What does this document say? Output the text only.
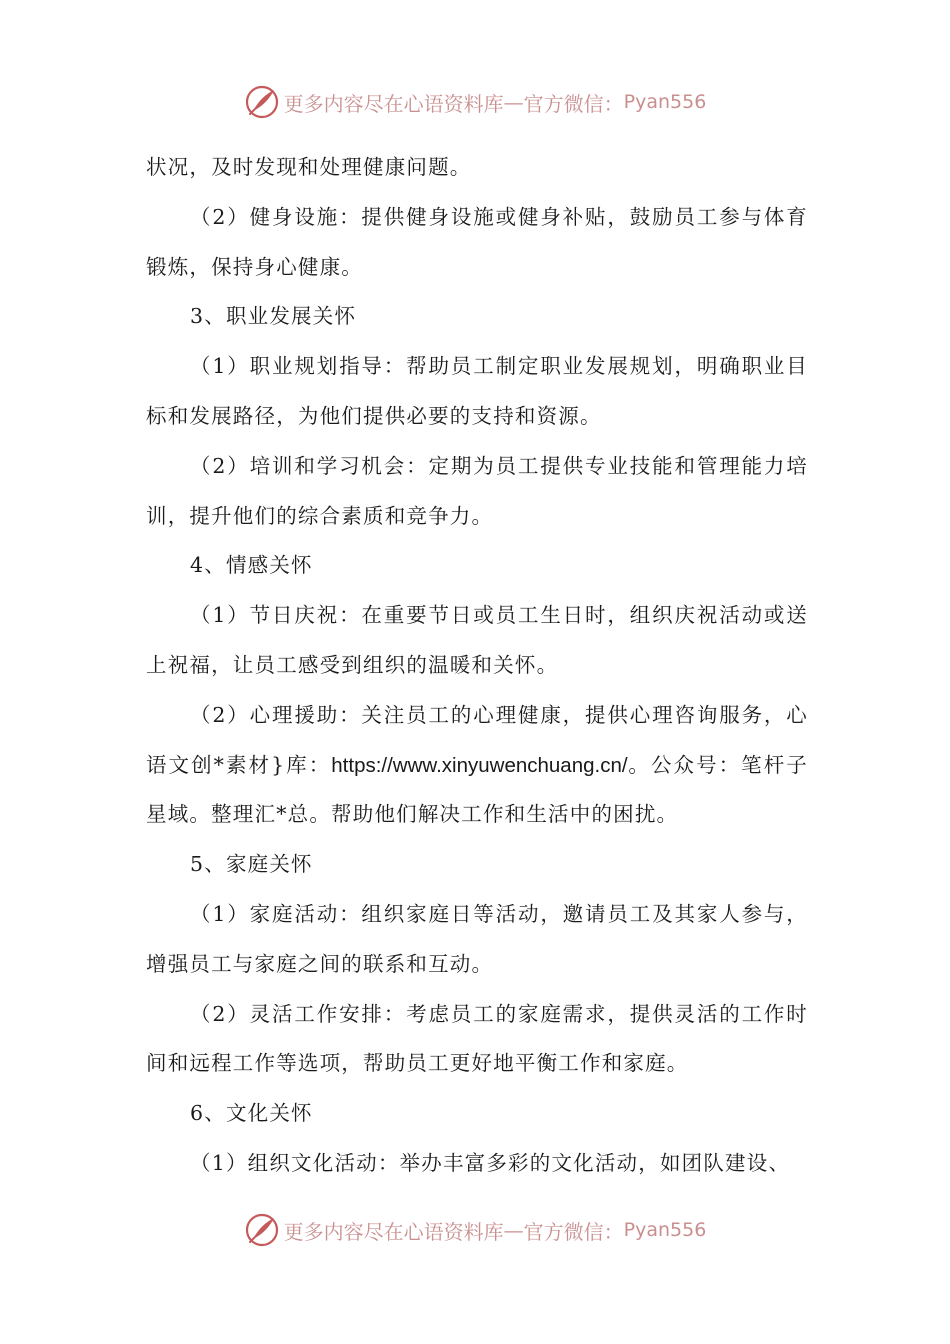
更多内容尽在心语资料库 — 官方微信： Pyan556

状况，及时发现和处理健康问题。

（2）健身设施：提供健身设施或健身补贴，鼓励员工参与体育锻炼，保持身心健康。

3、职业发展关怀

（1）职业规划指导：帮助员工制定职业发展规划，明确职业目标和发展路径，为他们提供必要的支持和资源。

（2）培训和学习机会：定期为员工提供专业技能和管理能力培训，提升他们的综合素质和竞争力。

4、情感关怀

（1）节日庆祝：在重要节日或员工生日时，组织庆祝活动或送上祝福，让员工感受到组织的温暖和关怀。

（2）心理援助：关注员工的心理健康，提供心理咨询服务，心语文创*素材}库：https://www.xinyuwenchuang.cn/。公众号：笔杆子星域。整理汇*总。帮助他们解决工作和生活中的困扰。

5、家庭关怀

（1）家庭活动：组织家庭日等活动，邀请员工及其家人参与，增强员工与家庭之间的联系和互动。

（2）灵活工作安排：考虑员工的家庭需求，提供灵活的工作时间和远程工作等选项，帮助员工更好地平衡工作和家庭。

6、文化关怀

（1）组织文化活动：举办丰富多彩的文化活动，如团队建设、

更多内容尽在心语资料库 — 官方微信： Pyan556
